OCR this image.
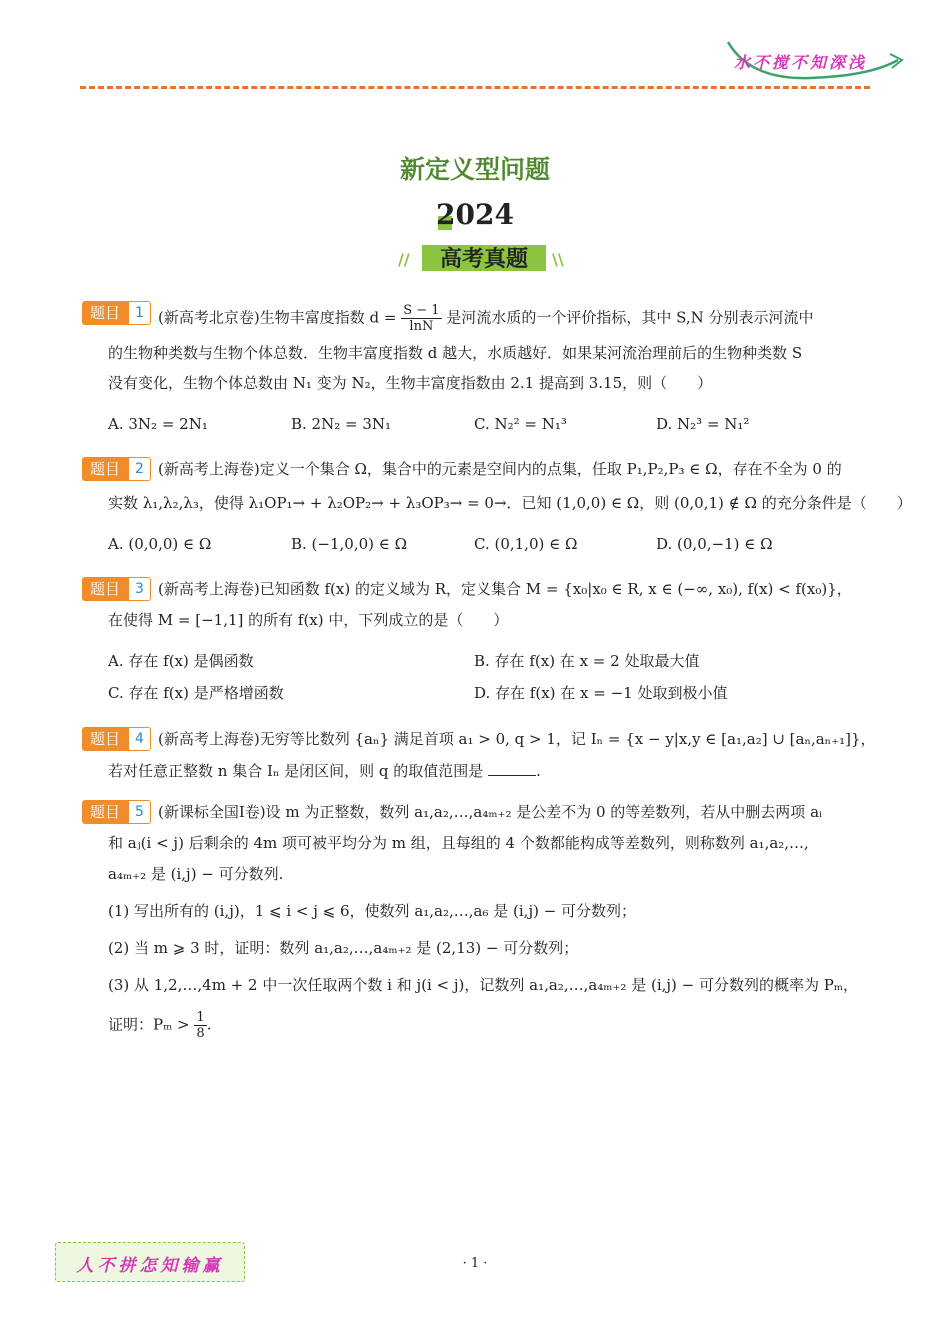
水不搅不知深浅
新定义型问题
2024
//	\\
高考真题
题目	1 (新高考北京卷)生物丰富度指数 $d = \frac{S - 1}{\ln N}$ 是河流水质的一个评价指标，其中 S,N 分别表示河流中
的生物种类数与生物个体总数．生物丰富度指数 d 越大，水质越好．如果某河流治理前后的生物种类数 S
没有变化，生物个体总数由 N₁ 变为 N₂，生物丰富度指数由 2.1 提高到 3.15，则（　　）
A. 3N₂ = 2N₁	B. 2N₂ = 3N₁	C. N₂² = N₁³	D. N₂³ = N₁²
题目	2 (新高考上海卷)定义一个集合 Ω，集合中的元素是空间内的点集，任取 P₁,P₂,P₃ ∈ Ω，存在不全为 0 的
实数 λ₁,λ₂,λ₃，使得 λ₁OP₁→ + λ₂OP₂→ + λ₃OP₃→ = 0→．已知 (1,0,0) ∈ Ω，则 (0,0,1) ∉ Ω 的充分条件是（　　）
A. (0,0,0) ∈ Ω	B. (−1,0,0) ∈ Ω	C. (0,1,0) ∈ Ω	D. (0,0,−1) ∈ Ω
题目	3 (新高考上海卷)已知函数 f(x) 的定义域为 R，定义集合 M = {x₀|x₀ ∈ R, x ∈ (−∞, x₀), f(x) < f(x₀)}，
在使得 M = [−1,1] 的所有 f(x) 中，下列成立的是（　　）
A. 存在 f(x) 是偶函数	B. 存在 f(x) 在 x = 2 处取最大值
C. 存在 f(x) 是严格增函数	D. 存在 f(x) 在 x = −1 处取到极小值
题目	4 (新高考上海卷)无穷等比数列 {aₙ} 满足首项 a₁ > 0, q > 1，记 Iₙ = {x − y|x,y ∈ [a₁,a₂] ∪ [aₙ,aₙ₊₁]}，
若对任意正整数 n 集合 Iₙ 是闭区间，则 q 的取值范围是	.
题目	5 (新课标全国Ⅰ卷)设 m 为正整数，数列 a₁,a₂,…,a₄ₘ₊₂ 是公差不为 0 的等差数列，若从中删去两项 aᵢ
和 aⱼ(i < j) 后剩余的 4m 项可被平均分为 m 组，且每组的 4 个数都能构成等差数列，则称数列 a₁,a₂,…,
a₄ₘ₊₂ 是 (i,j) − 可分数列.
(1) 写出所有的 (i,j)，1 ⩽ i < j ⩽ 6，使数列 a₁,a₂,…,a₆ 是 (i,j) − 可分数列；
(2) 当 m ⩾ 3 时，证明：数列 a₁,a₂,…,a₄ₘ₊₂ 是 (2,13) − 可分数列；
(3) 从 1,2,…,4m + 2 中一次任取两个数 i 和 j(i < j)，记数列 a₁,a₂,…,a₄ₘ₊₂ 是 (i,j) − 可分数列的概率为 Pₘ，
证明：$P_m > \frac{1}{8}$ .
人不拼怎知输赢	· 1 ·
